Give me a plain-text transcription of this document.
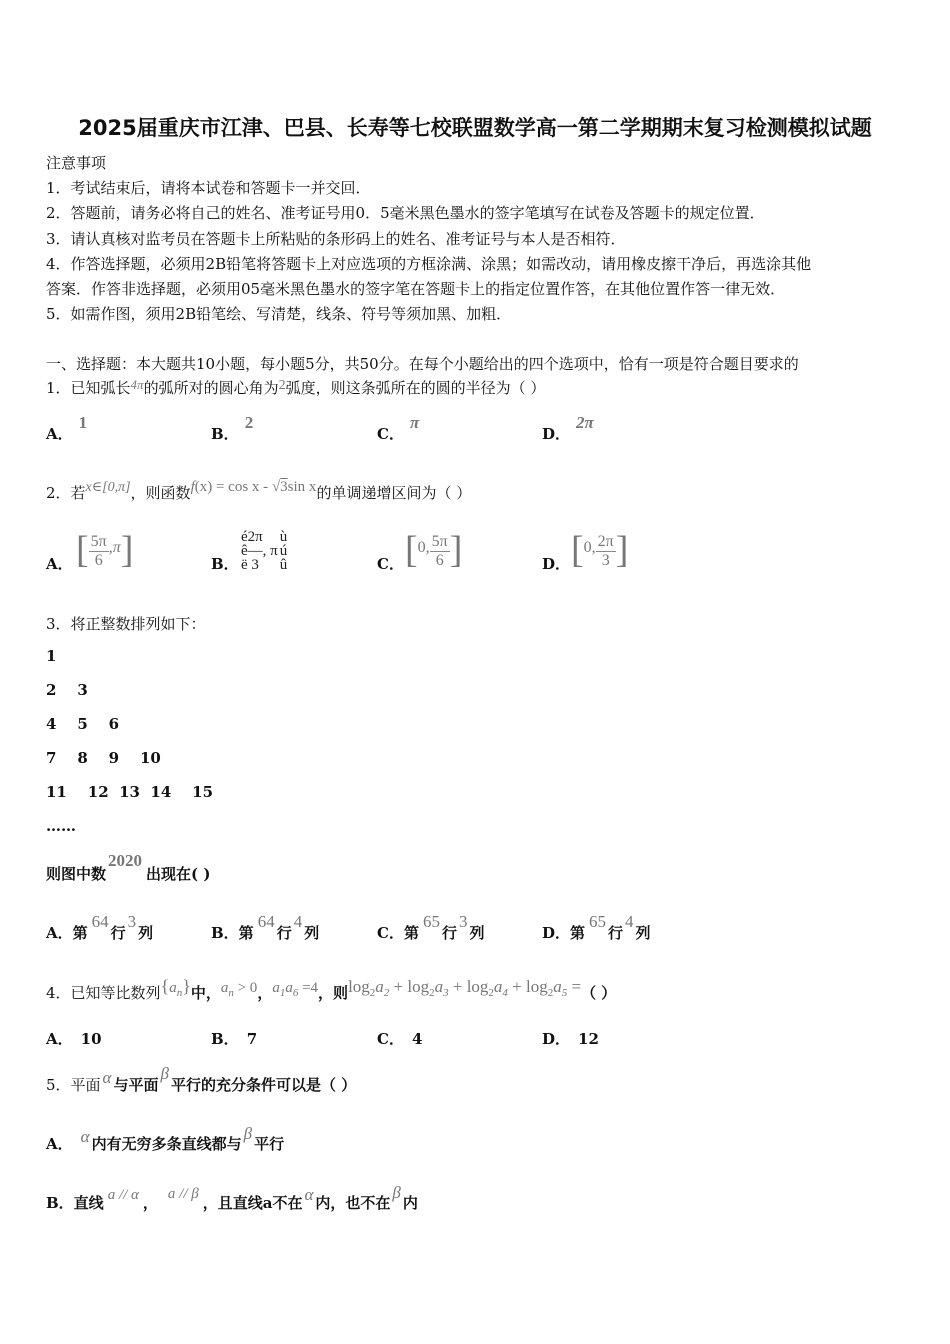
2025届重庆市江津、巴县、长寿等七校联盟数学高一第二学期期末复习检测模拟试题
注意事项
1．考试结束后，请将本试卷和答题卡一并交回．
2．答题前，请务必将自己的姓名、准考证号用0．5毫米黑色墨水的签字笔填写在试卷及答题卡的规定位置．
3．请认真核对监考员在答题卡上所粘贴的条形码上的姓名、准考证号与本人是否相符．
4．作答选择题，必须用2B铅笔将答题卡上对应选项的方框涂满、涂黑；如需改动，请用橡皮擦干净后，再选涂其他
答案．作答非选择题，必须用05毫米黑色墨水的签字笔在答题卡上的指定位置作答，在其他位置作答一律无效．
5．如需作图，须用2B铅笔绘、写清楚，线条、符号等须加黑、加粗．
一、选择题：本大题共10小题，每小题5分，共50分。在每个小题给出的四个选项中，恰有一项是符合题目要求的
1．已知弧长4π的弧所对的圆心角为2弧度，则这条弧所在的圆的半径为（ ）
A．1
B．2
C．π
D．2π
2．若x∈[0,π]，则函数f(x) = cos x - √3sin x的单调递增区间为（ ）
A． [ $\frac{5\pi}{6} ,\pi$]	B．
é2π
ê—, π
ë 3
ù
ú
û	C． [0, $\frac{5\pi}{6}$ ]	D． [0, $\frac{2\pi}{3}$ ]
3．将正整数排列如下：
1
2    3
4    5    6
7    8    9    10
11    12  13  14    15
……
则图中数2020出现在( )
A．第64行3列	B．第64行4列	C．第65行3列	D．第65行4列
4．已知等比数列$\{a_n\}$中，$a_n > 0$，$a_1a_6 =4$，则$\log_2a_2 + \log_2a_3 + \log_2a_4 + \log_2a_5$ =（ ）
A． 10	B． 7	C． 4	D． 12
5．平面 α 与平面β平行的充分条件可以是（ ）
A． α 内有无穷多条直线都与β平行
B．直线 a // α ， a // β ，且直线a不在 α 内，也不在β内
